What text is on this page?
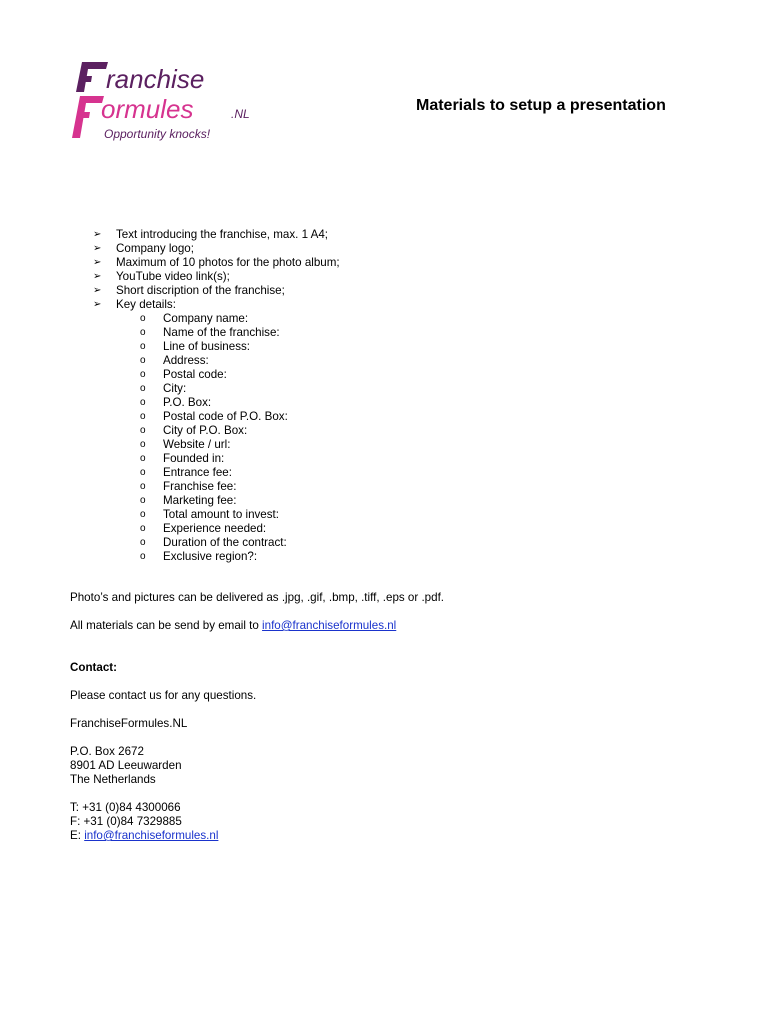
ranchise
ormules	.NL
Opportunity knocks!
Materials to setup a presentation
➢ Text introducing the franchise, max. 1 A4;
➢ Company logo;
➢ Maximum of 10 photos for the photo album;
➢ YouTube video link(s);
➢ Short discription of the franchise;
➢ Key details:
o Company name:
o Name of the franchise:
o Line of business:
o Address:
o Postal code:
o City:
o P.O. Box:
o Postal code of P.O. Box:
o City of P.O. Box:
o Website / url:
o Founded in:
o Entrance fee:
o Franchise fee:
o Marketing fee:
o Total amount to invest:
o Experience needed:
o Duration of the contract:
o Exclusive region?:
Photo’s and pictures can be delivered as .jpg, .gif, .bmp, .tiff, .eps or .pdf.
All materials can be send by email to info@franchiseformules.nl
Contact:
Please contact us for any questions.
FranchiseFormules.NL
P.O. Box 2672
8901 AD Leeuwarden
The Netherlands
T: +31 (0)84 4300066
F: +31 (0)84 7329885
E: info@franchiseformules.nl
